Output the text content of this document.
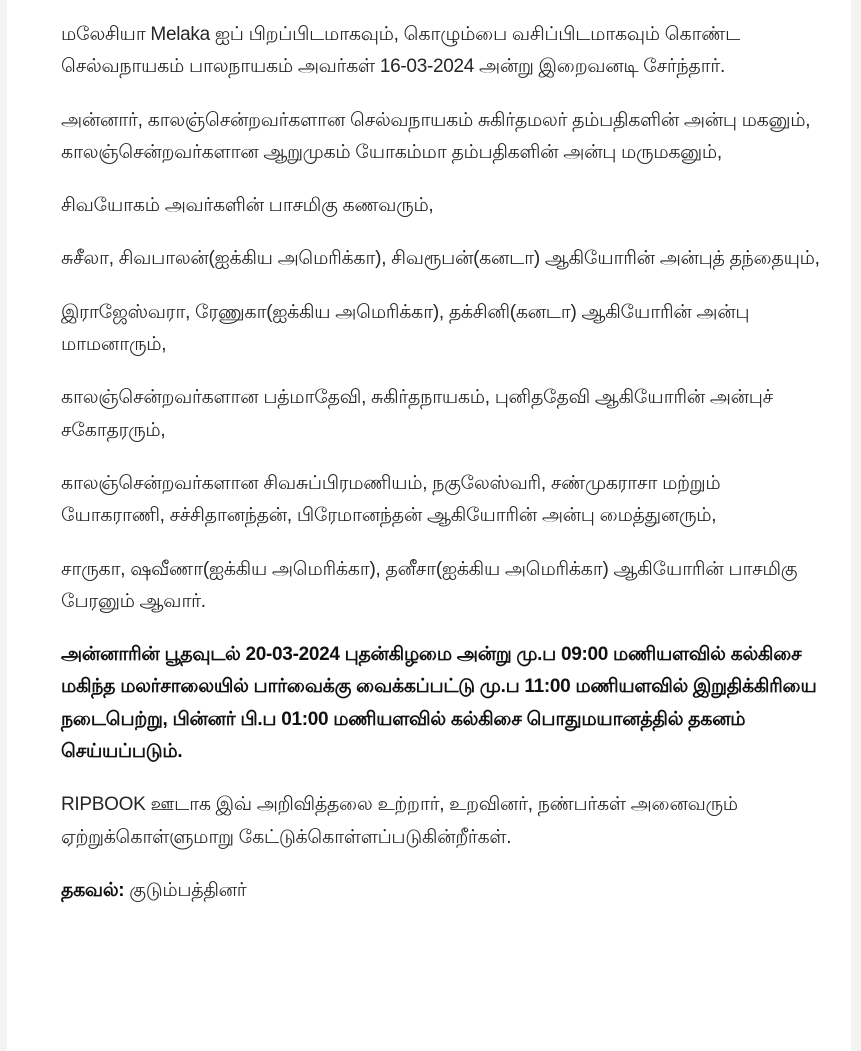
மலேசியா Melaka ஐப் பிறப்பிடமாகவும், கொழும்பை வசிப்பிடமாகவும் கொண்ட செல்வநாயகம் பாலநாயகம் அவர்கள் 16-03-2024 அன்று இறைவனடி சேர்ந்தார்.

அன்னார், காலஞ்சென்றவர்களான செல்வநாயகம் சுகிர்தமலர் தம்பதிகளின் அன்பு மகனும், காலஞ்சென்றவர்களான ஆறுமுகம் யோகம்மா தம்பதிகளின் அன்பு மருமகனும்,

சிவயோகம் அவர்களின் பாசமிகு கணவரும்,

சுசீலா, சிவபாலன்(ஐக்கிய அமெரிக்கா), சிவரூபன்(கனடா) ஆகியோரின் அன்புத் தந்தையும்,

இராஜேஸ்வரா, ரேணுகா(ஐக்கிய அமெரிக்கா), தக்சினி(கனடா) ஆகியோரின் அன்பு மாமனாரும்,

காலஞ்சென்றவர்களான பத்மாதேவி, சுகிர்தநாயகம், புனிததேவி ஆகியோரின் அன்புச் சகோதரரும்,

காலஞ்சென்றவர்களான சிவசுப்பிரமணியம், நகுலேஸ்வரி, சண்முகராசா மற்றும் யோகராணி, சச்சிதானந்தன், பிரேமானந்தன் ஆகியோரின் அன்பு மைத்துனரும்,

சாருகா, ஷவீணா(ஐக்கிய அமெரிக்கா), தனீசா(ஐக்கிய அமெரிக்கா) ஆகியோரின் பாசமிகு பேரனும் ஆவார்.

அன்னாரின் பூதவுடல் 20-03-2024 புதன்கிழமை அன்று மு.ப 09:00 மணியளவில் கல்கிசை மகிந்த மலர்சாலையில் பார்வைக்கு வைக்கப்பட்டு மு.ப 11:00 மணியளவில் இறுதிக்கிரியை நடைபெற்று, பின்னர் பி.ப 01:00 மணியளவில் கல்கிசை பொதுமயானத்தில் தகனம் செய்யப்படும்.

RIPBOOK ஊடாக இவ் அறிவித்தலை உற்றார், உறவினர், நண்பர்கள் அனைவரும் ஏற்றுக்கொள்ளுமாறு கேட்டுக்கொள்ளப்படுகின்றீர்கள்.

தகவல்: குடும்பத்தினர்
